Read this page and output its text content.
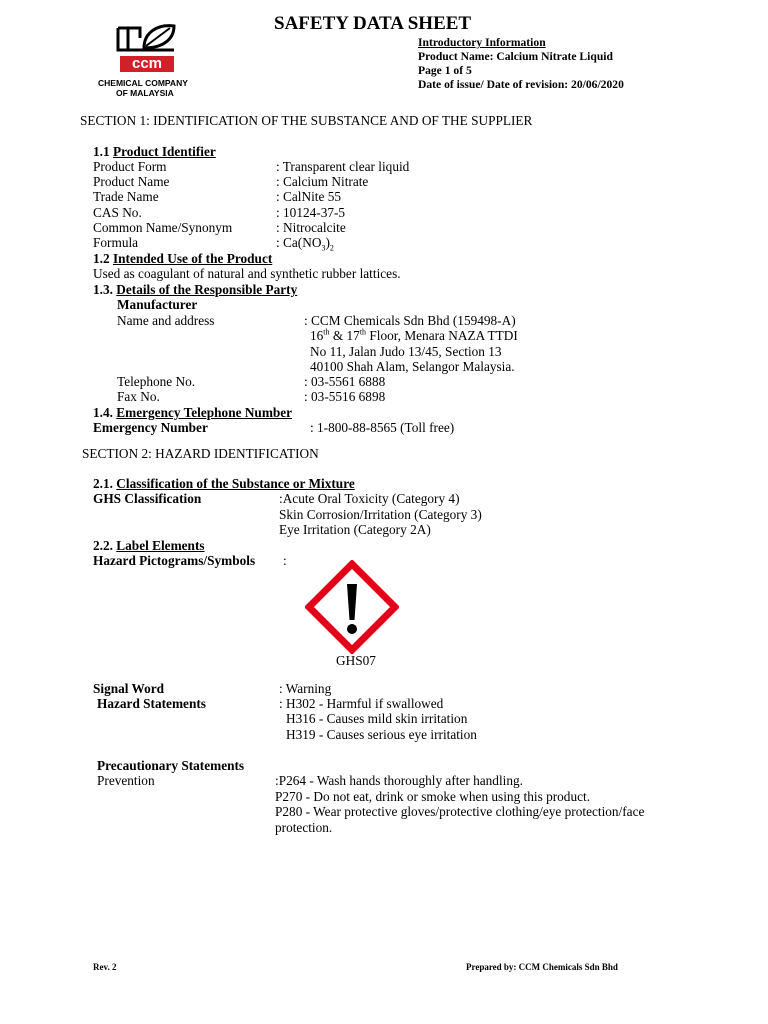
ccm
CHEMICAL COMPANY
OF MALAYSIA
SAFETY DATA SHEET
Introductory Information
Product Name: Calcium Nitrate Liquid
Page 1 of 5
Date of issue/ Date of revision: 20/06/2020
SECTION 1: IDENTIFICATION OF THE SUBSTANCE AND OF THE SUPPLIER
1.1 Product Identifier
Product Form	: Transparent clear liquid
Product Name	: Calcium Nitrate
Trade Name	: CalNite 55
CAS No.	: 10124-37-5
Common Name/Synonym	: Nitrocalcite
Formula	: $Ca(NO_3)_2$
1.2 Intended Use of the Product
Used as coagulant of natural and synthetic rubber lattices.
1.3. Details of the Responsible Party
Manufacturer
Name and address	: CCM Chemicals Sdn Bhd (159498-A)
16th & 17th Floor, Menara NAZA TTDI
No 11, Jalan Judo 13/45, Section 13
40100 Shah Alam, Selangor Malaysia.
Telephone No.	: 03-5561 6888
Fax No.	: 03-5516 6898
1.4. Emergency Telephone Number
Emergency Number	: 1-800-88-8565 (Toll free)
SECTION 2: HAZARD IDENTIFICATION
2.1. Classification of the Substance or Mixture
GHS Classification	:Acute Oral Toxicity (Category 4)
Skin Corrosion/Irritation (Category 3)
Eye Irritation (Category 2A)
2.2. Label Elements
Hazard Pictograms/Symbols :
GHS07
Signal Word	: Warning
Hazard Statements	: H302 - Harmful if swallowed
H316 - Causes mild skin irritation
H319 - Causes serious eye irritation
Precautionary Statements
Prevention	:P264 - Wash hands thoroughly after handling.
P270 - Do not eat, drink or smoke when using this product.
P280 - Wear protective gloves/protective clothing/eye protection/face
protection.
Rev. 2	Prepared by: CCM Chemicals Sdn Bhd
